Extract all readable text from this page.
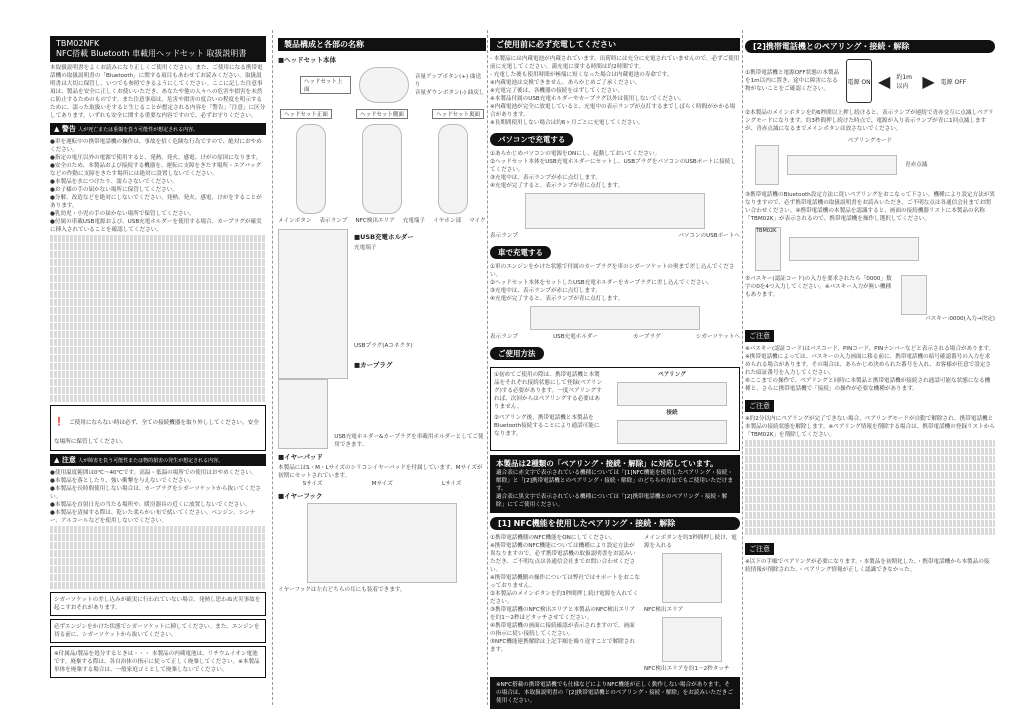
TBM02NFK
NFC搭載 Bluetooth 車載用ヘッドセット 取扱説明書

本取扱説明書をよくお読みになり正しくご使用ください。また、ご使用になる携帯電話機の取扱説明書の「Bluetooth」に関する項目もあわせてお読みください。取扱説明書は大切に保管し、いつでも参照できるようにしてください。ここに記した注意事項は、製品を安全に正しくお使いいただき、あなたや他の人々への危害や損害を未然に防止するためのものです。また注意事項は、危害や損害の度合いの程度を明示するために、誤った取扱いをすると生じることが想定される内容を「警告」「注意」に区分してあります。いずれも安全に関する重要な内容ですので、必ずお守りください。

▲ 警告 人が死亡または重傷を負う可能性が想定される内容。

●車を運転中の携帯電話機の操作は、事故を招く危険な行為ですので、絶対におやめください。

●指定の電圧以外の電源で使用すると、発熱、発火、感電、けがの原因になります。

●安全のため、本製品および接続する機器を、運転に支障をきたす場所・エアバッグなどの作動に支障をきたす場所には絶対に設置しないでください。

●本製品を水につけたり、濡らさないでください。

●お子様の手の届かない場所に保管してください。

●分解、改造などを絶対にしないでください。発熱、発火、感電、けがをすることがあります。

●乳幼児・小児の手の届かない場所で保管してください。

●付属の車載USB電源および、USB充電ホルダーを使用する場合、カープラグが確実に挿入されていることを確認してください。

❗ ご使用にならない時は必ず、全ての接続機器を取り外ししてください。安全な場所に保管してください。
▲ 注意 人が障害を負う可能性または物的損害の発生が想定される内容。

●使用温度範囲は0℃〜40℃です。高温・低温の場所での使用はおやめください。

●本製品を落としたり、強い衝撃を与えないでください。

●本製品を長時間使用しない場合は、カープラグをシガーソケットから抜いてください。

●本製品を直射日光の当たる場所や、暖房器具の近くに放置しないでください。

●本製品を清掃する際は、乾いた柔らかい布で拭いてください。ベンジン、シンナー、アルコールなどを使用しないでください。

シガーソケットの差し込みが確実に行われていない場合、発熱し思わぬ火災事故を起こすおそれがあります。

必ずエンジンをかけた状態でシガーソケットに挿してください。また、エンジンを切る前に、シガーソケットから抜いてください。

※付属品/製品を処分するときは・・・ 本製品の内蔵電池は、リチウムイオン電池です。廃棄する際は、各自治体の指示に従って正しく廃棄してください。※本製品単体を廃棄する場合は、一般家庭ゴミとして廃棄しないでください。

製品構成と各部の名称
■ヘッドセット本体
ヘッドセット上面

音量アップボタン(+) 曲送り

音量ダウンボタン(-) 曲戻し

ヘッドセット正面	ヘッドセット側面	ヘッドセット裏面

メインボタン 表示ランプ NFC検出エリア 充電端子 イヤホン部 マイク

■USB充電ホルダー

充電端子

USBプラグ(Aコネクタ)

■カープラグ

USB充電ホルダー&カープラグを車載用ホルダーとしてご使用できます。

■イヤーパッド

本製品にはS・M・Lサイズのシリコンイヤーパッドを付属しています。Mサイズが初期にセットされています。

Sサイズ	Mサイズ	Lサイズ

■イヤーフック

イヤーフックは左右どちらの耳にも装着できます。

ご使用前に必ず充電してください

- 本製品には内蔵電池が内蔵されています。出荷時には充分に充電されていませんので、必ずご使用前に充電してください。満充電に要する時間は約2時間です。

- 充電した後も使用時間が極端に短くなった場合は内蔵電池の寿命です。

※内蔵電池は交換できません。あらかじめご了承ください。

※充電完了後は、各機器の接続をはずしてください。

※本製品付属のUSB充電ホルダーやカープラグ以外は使用しないでください。

※内蔵電池が完全に放電していると、充電中の表示ランプが点灯するまでしばらく時間がかかる場合があります。

※長期間使用しない場合は約6ヶ月ごとに充電してください。

パソコンで充電する

①あらかじめパソコンの電源をONにし、起動しておいてください。

②ヘッドセット本体をUSB充電ホルダーにセットし、USBプラグをパソコンのUSBポートに接続してください。

③充電中は、表示ランプが赤に点灯します。

④充電が完了すると、表示ランプが青に点灯します。

表示ランプ	パソコンのUSBポートへ

車で充電する

①車のエンジンをかけた状態で付属のカープラグを車のシガーソケットの奥まで差し込んでください。

②ヘッドセット本体をセットしたUSB充電ホルダーをカープラグに差し込んでください。

③充電中は、表示ランプが赤に点灯します。

④充電が完了すると、表示ランプが青に点灯します。

表示ランプ	USB充電ホルダー	カープラグ	シガーソケットへ

ご使用方法

①初めてご使用の際は、携帯電話機と本製品をそれぞれ接続状態にして登録(ペアリング)する必要があります。一度ペアリングすれば、次回からはペアリングする必要はありません。

②ペアリング後、携帯電話機と本製品をBluetooth接続することにより通話可能になります。

ペアリング

接続

本製品は2種類の「ペアリング・接続・解除」に対応しています。

適合表に赤文字で表示されている機種については「[1]NFC機能を使用したペアリング・接続・解除」と「[2]携帯電話機とのペアリング・接続・解除」のどちらの方法でもご使用いただけます。

適合表に黒文字で表示されている機種については「[2]携帯電話機とのペアリング・接続・解除」にてご使用ください。

[1] NFC機能を使用したペアリング・接続・解除

①携帯電話機側のNFC機能をONにしてください。

※携帯電話機のNFC機能については機種により設定方法が異なりますので、必ず携帯電話機の取扱説明書をお読みいただき、ご不明な点は各通信会社までお問い合わせください。

※携帯電話機側の操作については弊社ではサポートをおこなっておりません。

②本製品のメインボタンを約3秒間押し続け電源を入れてください。

③携帯電話機のNFC検出エリアと本製品のNFC検出エリアを約1〜2秒ほどタッチさせてください。

④携帯電話機の画面に接続確認が表示されますので、画面の指示に従い接続してください。

⑤NFC機能連携解除は上記手順を繰り返すことで解除されます。

メインボタンを約3秒間押し続け、電源を入れる

NFC検出エリア

NFC検出エリアを約1〜2秒タッチ

※NFC搭載の携帯電話機でも仕様などによりNFC機能が正しく動作しない場合があります。その場合は、本取扱説明書の「[2]携帯電話機とのペアリング・接続・解除」をお読みいただきご使用ください。

[2]携帯電話機とのペアリング・接続・解除

①携帯電話機と電源OFF状態の本製品を1m以内に置き、途中に障害になる物がないことをご確認ください。

電源 ON ◀ 約1m 以内 ▶ 電源 OFF

②本製品のメインボタンを約6秒間以上押し続けると、表示ランプが連続で青赤交互に点滅しペアリングモードになります。約3秒間押し続けた時点で、電源が入り表示ランプが青に1回点滅しますが、青赤点滅になるまでメインボタンは放さないでください。

ペアリングモード

青赤点滅

③携帯電話機のBluetooth設定方法に従いペアリングをおこなって下さい。機種により設定方法が異なりますので、必ず携帯電話機の取扱説明書をお読みいただき、ご不明な点は各通信会社までお問い合わせください。④携帯電話機の本製品を認識すると、画面の接続機器リストに本製品の名称「TBM02K」が表示されるので、携帯電話機を操作し選択してください。

TBM02K

⑤パスキー(認証コード)の入力を要求されたら「0000」数字の0を4つ入力してください。※パスキー入力が無い機種もあります。

パスキー:0000(入力→決定)

ご注意

※パスキー(認証コード)はパスコード、PINコード、PINナンバーなどと表示される場合があります。※携帯電話機によっては、パスキーの入力画面に移る前に、携帯電話機の暗号確認番号の入力を求められる場合があります。その場合は、あらかじめ決められた番号を入れ、お客様が任意で設定された暗証番号を入力してください。

⑥ここまでの操作で、ペアリングと同時に本製品と携帯電話機が接続され通話可能な状態になる機種と、さらに携帯電話機で「接続」の操作が必要な機種があります。

ご注意

※約2分以内にペアリングが完了できない場合、ペアリングモードが自動で解除され、携帯電話機と本製品の接続状態を解除します。※ペアリング情報を削除する場合は、携帯電話機の登録リストから「TBM02K」を削除してください。

ご注意

※以下の手順でペアリングが必要になります。・本製品を初期化した。・携帯電話機から本製品の接続情報が削除された。・ペアリング情報が正しく認識できなかった。
